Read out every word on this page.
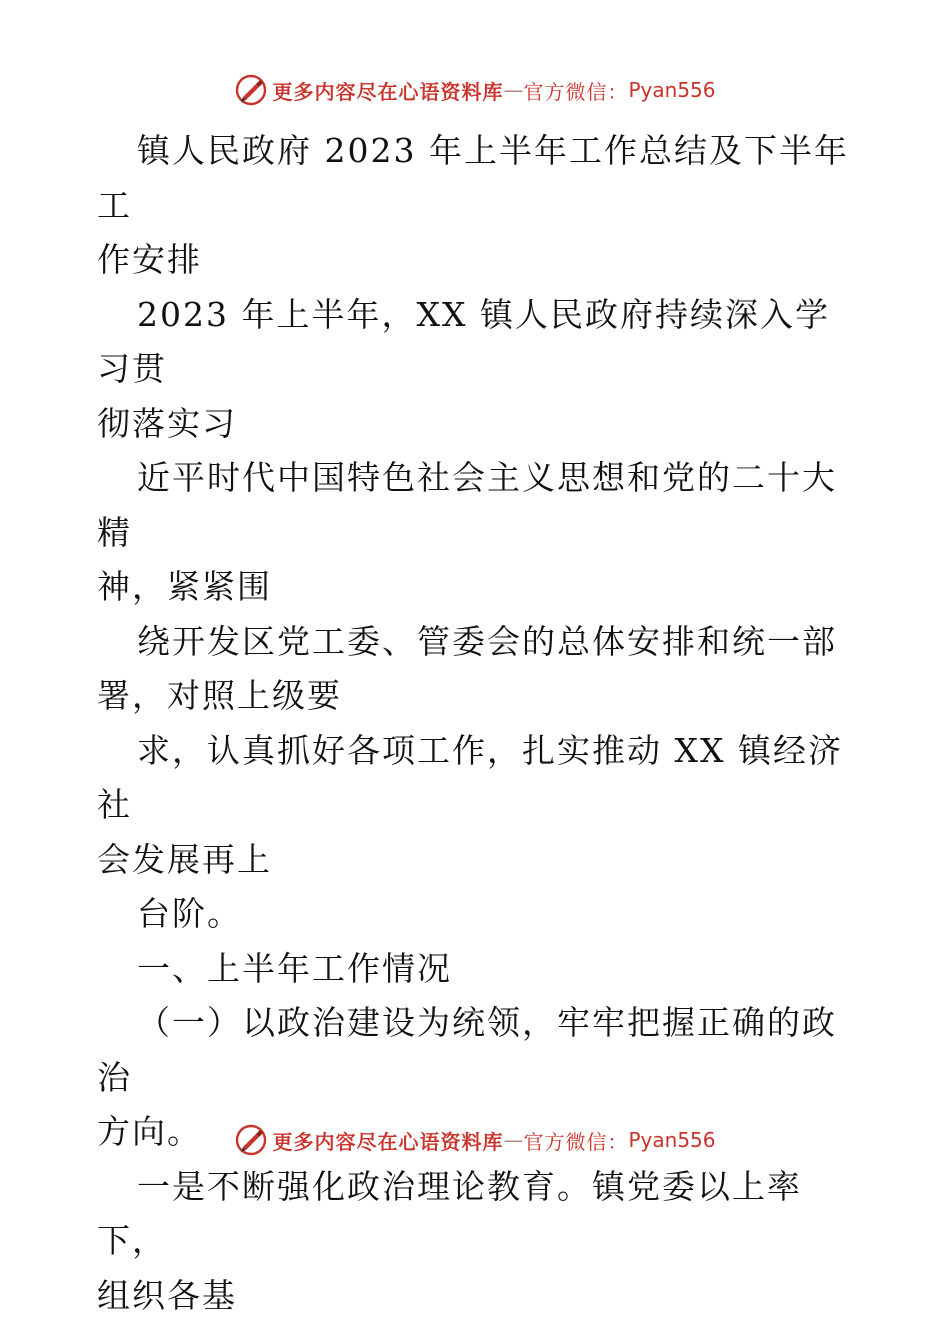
更多内容尽在心语资料库 — 官方微信： Pyan556

镇人民政府 2023 年上半年工作总结及下半年工

作安排

2023 年上半年，XX 镇人民政府持续深入学习贯

彻落实习

近平时代中国特色社会主义思想和党的二十大精

神，紧紧围

绕开发区党工委、管委会的总体安排和统一部

署，对照上级要

求，认真抓好各项工作，扎实推动 XX 镇经济社

会发展再上

台阶。

一、上半年工作情况

（一）以政治建设为统领，牢牢把握正确的政治

方向。

一是不断强化政治理论教育。镇党委以上率下，

组织各基

更多内容尽在心语资料库 — 官方微信： Pyan556
